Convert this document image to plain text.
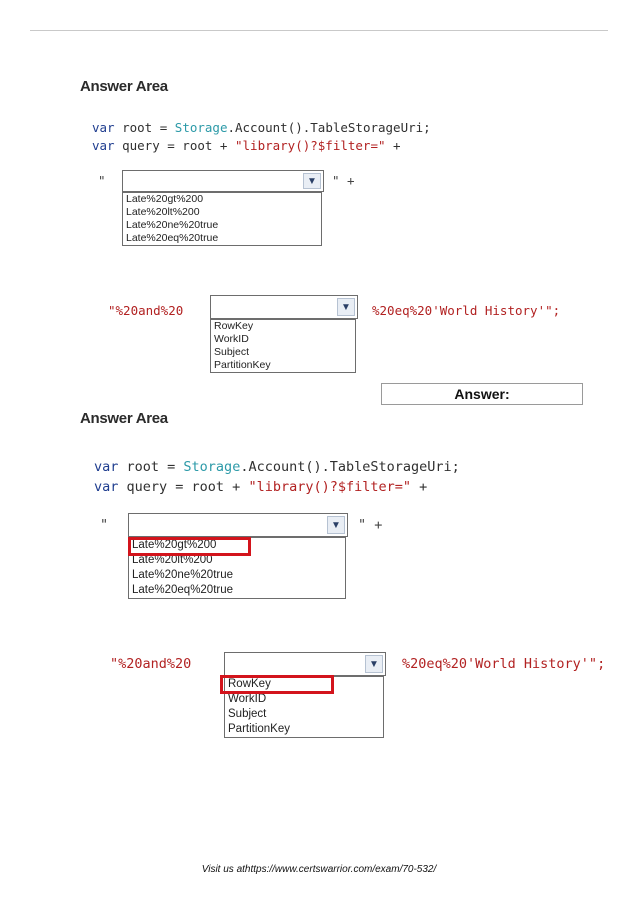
Answer Area
var root = Storage.Account().TableStorageUri;
var query = root + "library()?$filter=" +
"	▼	" +
Late%20gt%200
Late%20lt%200
Late%20ne%20true
Late%20eq%20true
"%20and%20	▼	%20eq%20'World History'";
RowKey
WorkID
Subject
PartitionKey
Answer:
Answer Area
var root = Storage.Account().TableStorageUri;
var query = root + "library()?$filter=" +
"	▼ " +
Late%20gt%200
Late%20lt%200
Late%20ne%20true
Late%20eq%20true
"%20and%20	▼ %20eq%20'World History'";
RowKey
WorkID
Subject
PartitionKey
Visit us athttps://www.certswarrior.com/exam/70-532/
